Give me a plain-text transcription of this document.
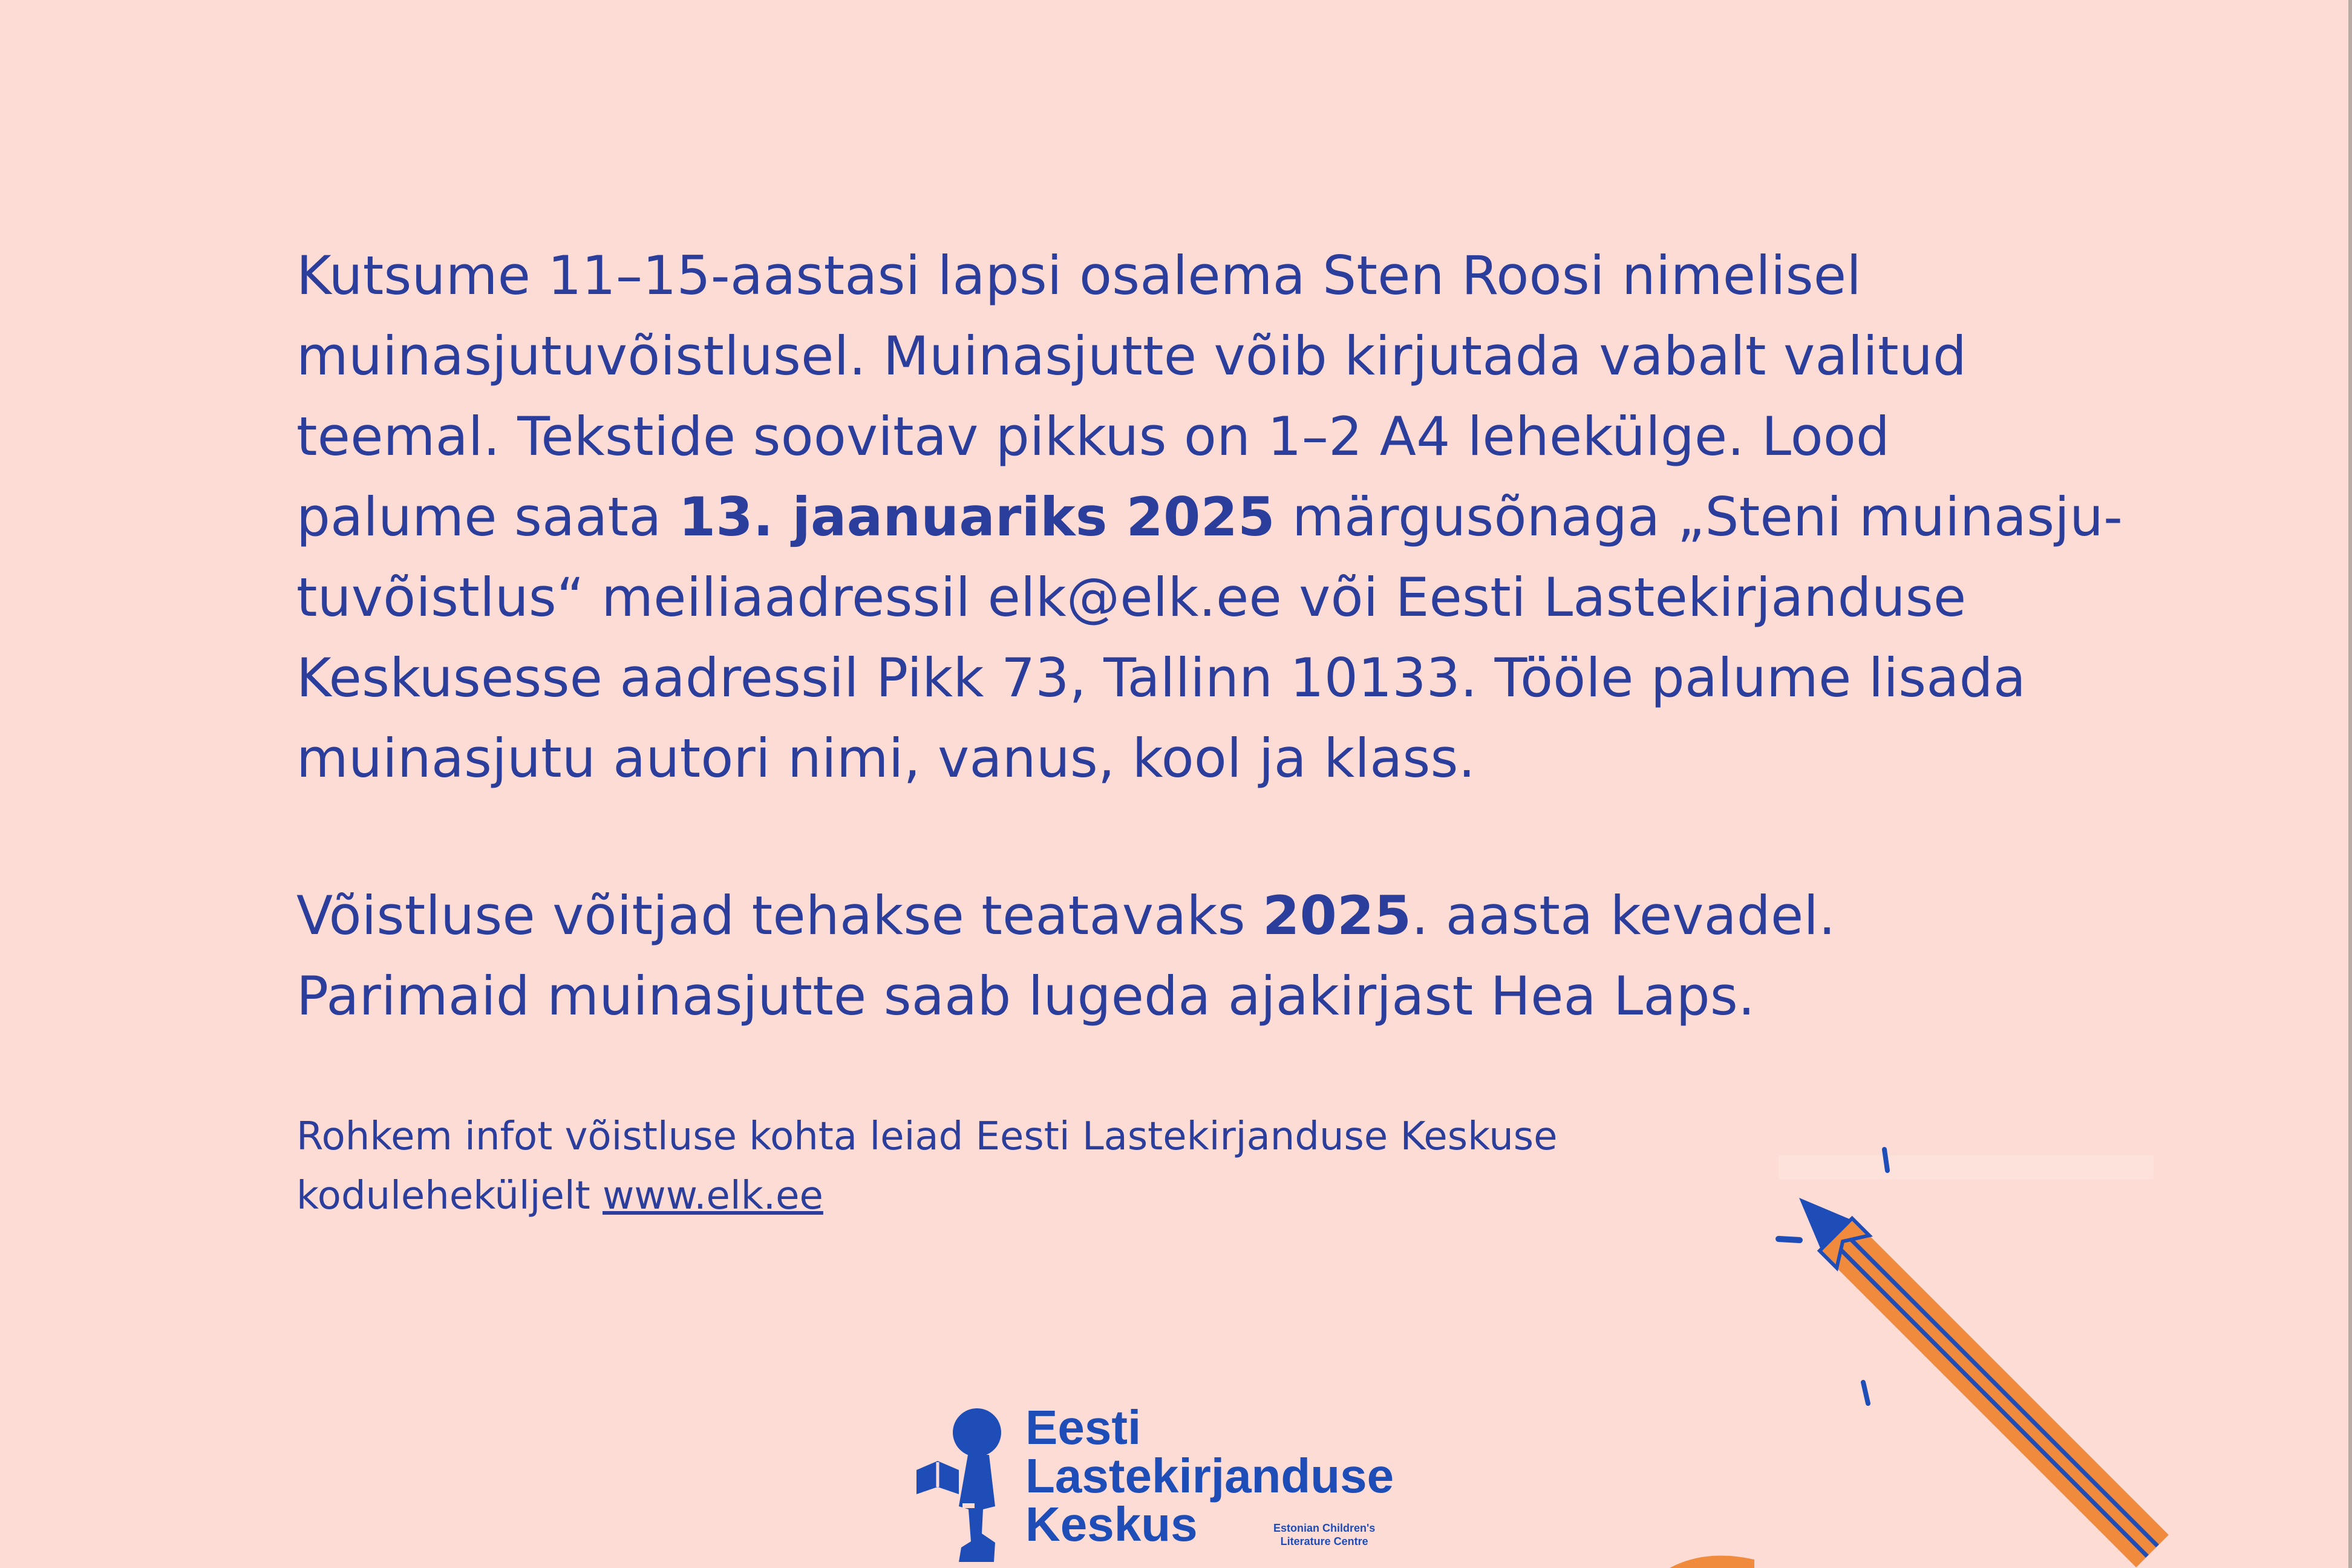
Kutsume 11–15-aastasi lapsi osalema Sten Roosi nimelisel
muinasjutuvõistlusel. Muinasjutte võib kirjutada vabalt valitud
teemal. Tekstide soovitav pikkus on 1–2 A4 lehekülge. Lood
palume saata 13. jaanuariks 2025 märgusõnaga „Steni muinasju-
tuvõistlus“ meiliaadressil elk@elk.ee või Eesti Lastekirjanduse
Keskusesse aadressil Pikk 73, Tallinn 10133. Tööle palume lisada
muinasjutu autori nimi, vanus, kool ja klass.

Võistluse võitjad tehakse teatavaks 2025. aasta kevadel.
Parimaid muinasjutte saab lugeda ajakirjast Hea Laps.

Rohkem infot võistluse kohta leiad Eesti Lastekirjanduse Keskuse
koduleheküljelt www.elk.ee

Eesti
Lastekirjanduse
Keskus	Estonian Children's
Literature Centre
